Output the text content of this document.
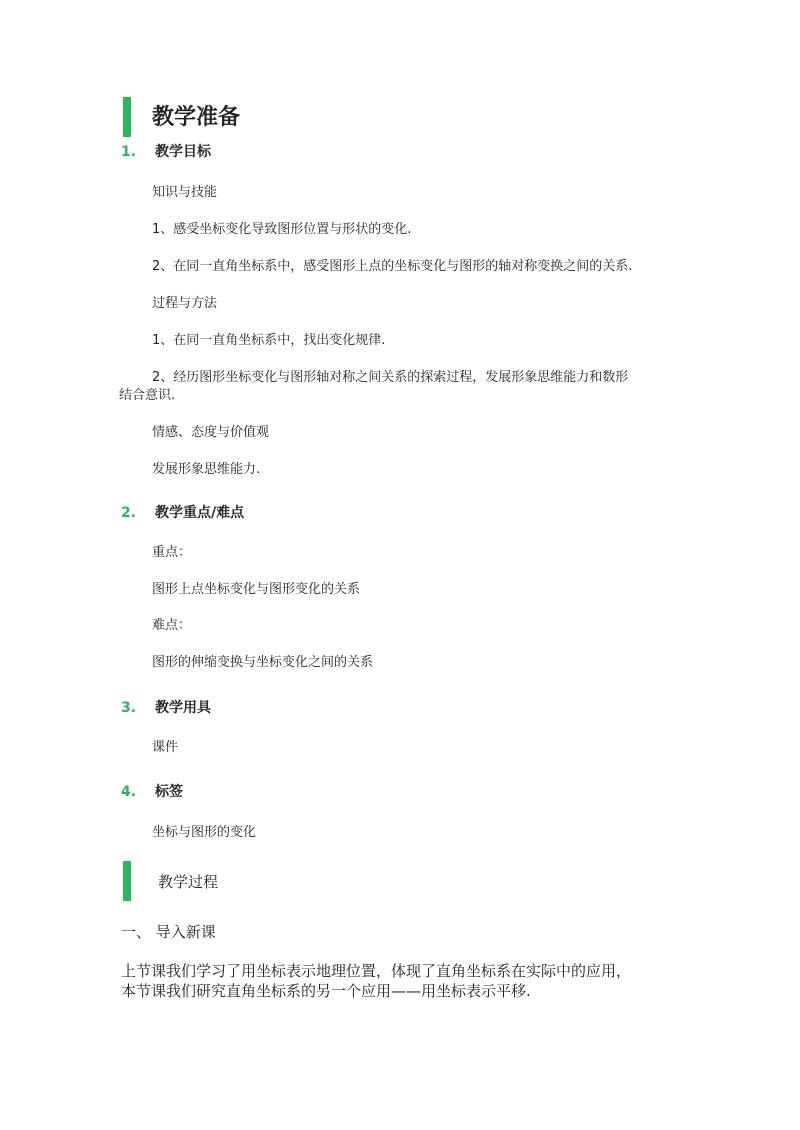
教学准备
1. 教学目标
知识与技能
1、感受坐标变化导致图形位置与形状的变化.
2、在同一直角坐标系中，感受图形上点的坐标变化与图形的轴对称变换之间的关系.
过程与方法
1、在同一直角坐标系中，找出变化规律.
2、经历图形坐标变化与图形轴对称之间关系的探索过程，发展形象思维能力和数形
结合意识.
情感、态度与价值观
发展形象思维能力.
2. 教学重点/难点
重点：
图形上点坐标变化与图形变化的关系
难点：
图形的伸缩变换与坐标变化之间的关系
3. 教学用具
课件
4. 标签
坐标与图形的变化
教学过程
一、 导入新课
上节课我们学习了用坐标表示地理位置，体现了直角坐标系在实际中的应用，
本节课我们研究直角坐标系的另一个应用——用坐标表示平移.
